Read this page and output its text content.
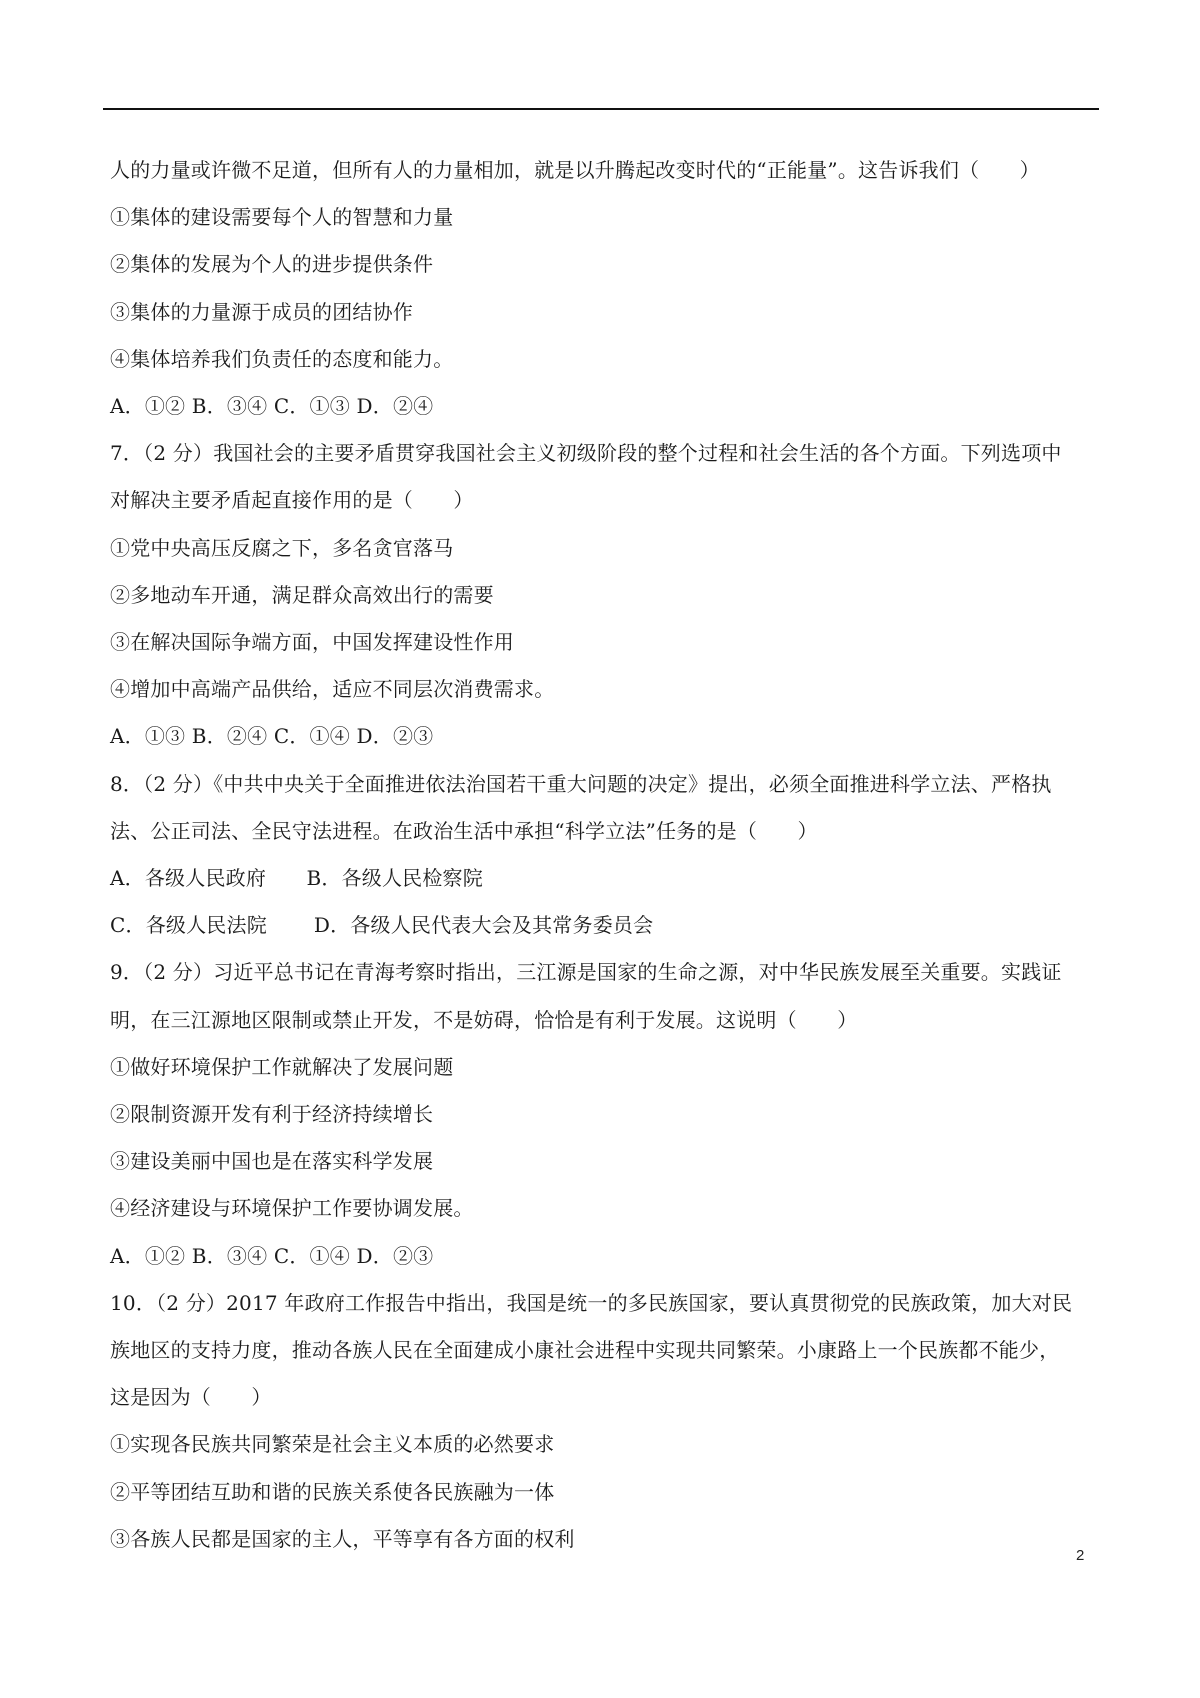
人的力量或许微不足道，但所有人的力量相加，就是以升腾起改变时代的“正能量”。这告诉我们（　　）
①集体的建设需要每个人的智慧和力量
②集体的发展为个人的进步提供条件
③集体的力量源于成员的团结协作
④集体培养我们负责任的态度和能力。
A．①② B．③④ C．①③ D．②④
7．（2 分）我国社会的主要矛盾贯穿我国社会主义初级阶段的整个过程和社会生活的各个方面。下列选项中
对解决主要矛盾起直接作用的是（　　）
①党中央高压反腐之下，多名贪官落马
②多地动车开通，满足群众高效出行的需要
③在解决国际争端方面，中国发挥建设性作用
④增加中高端产品供给，适应不同层次消费需求。
A．①③ B．②④ C．①④ D．②③
8．（2 分）《中共中央关于全面推进依法治国若干重大问题的决定》提出，必须全面推进科学立法、严格执
法、公正司法、全民守法进程。在政治生活中承担“科学立法”任务的是（　　）
A．各级人民政府　　B．各级人民检察院
C．各级人民法院　　 D．各级人民代表大会及其常务委员会
9．（2 分）习近平总书记在青海考察时指出，三江源是国家的生命之源，对中华民族发展至关重要。实践证
明，在三江源地区限制或禁止开发，不是妨碍，恰恰是有利于发展。这说明（　　）
①做好环境保护工作就解决了发展问题
②限制资源开发有利于经济持续增长
③建设美丽中国也是在落实科学发展
④经济建设与环境保护工作要协调发展。
A．①② B．③④ C．①④ D．②③
10．（2 分）2017 年政府工作报告中指出，我国是统一的多民族国家，要认真贯彻党的民族政策，加大对民
族地区的支持力度，推动各族人民在全面建成小康社会进程中实现共同繁荣。小康路上一个民族都不能少，
这是因为（　　）
①实现各民族共同繁荣是社会主义本质的必然要求
②平等团结互助和谐的民族关系使各民族融为一体
③各族人民都是国家的主人，平等享有各方面的权利
2
